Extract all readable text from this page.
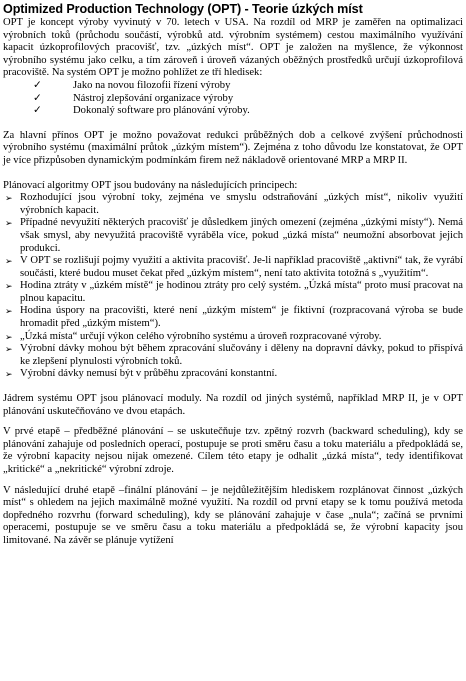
Optimized Production Technology (OPT) - Teorie úzkých míst

OPT je koncept výroby vyvinutý v 70. letech v USA. Na rozdíl od MRP je zaměřen na optimalizaci výrobních toků (průchodu součástí, výrobků atd. výrobním systémem) cestou maximálního využívání kapacit úzkoprofilových pracovišť, tzv. „úzkých míst“. OPT je založen na myšlence, že výkonnost výrobního systému jako celku, a tím zároveň i úroveň vázaných oběžných prostředků určují úzkoprofilová pracoviště. Na systém OPT je možno pohlížet ze tří hledisek:

✓	Jako na novou filozofii řízení výroby
✓	Nástroj zlepšování organizace výroby
✓	Dokonalý software pro plánování výroby.

Za hlavní přínos OPT je možno považovat redukci průběžných dob a celkové zvýšení průchodnosti výrobního systému (maximální průtok „úzkým místem“). Zejména z toho důvodu lze konstatovat, že OPT je více přizpůsoben dynamickým podmínkám firem než nákladově orientované MRP a MRP II.

Plánovací algoritmy OPT jsou budovány na následujících principech:

➢ Rozhodující jsou výrobní toky, zejména ve smyslu odstraňování „úzkých míst“, nikoliv využití výrobních kapacit.
➢ Případné nevyužití některých pracovišť je důsledkem jiných omezení (zejména „úzkými místy“). Nemá však smysl, aby nevyužitá pracoviště vyráběla více, pokud „úzká místa“ neumožní absorbovat jejich produkci.
➢ V OPT se rozlišují pojmy využití a aktivita pracovišť. Je-li například pracoviště „aktivní“ tak, že vyrábí součásti, které budou muset čekat před „úzkým místem“, není tato aktivita totožná s „využitím“.
➢ Hodina ztráty v „úzkém místě“ je hodinou ztráty pro celý systém. „Úzká místa“ proto musí pracovat na plnou kapacitu.
➢ Hodina úspory na pracovišti, které není „úzkým místem“ je fiktivní (rozpracovaná výroba se bude hromadit před „úzkým místem“).
➢ „Úzká místa“ určují výkon celého výrobního systému a úroveň rozpracované výroby.
➢ Výrobní dávky mohou být během zpracování slučovány i děleny na dopravní dávky, pokud to přispívá ke zlepšení plynulosti výrobních toků.
➢ Výrobní dávky nemusí být v průběhu zpracování konstantní.

Jádrem systému OPT jsou plánovací moduly. Na rozdíl od jiných systémů, například MRP II, je v OPT plánování uskutečňováno ve dvou etapách.

V prvé etapě – předběžné plánování – se uskutečňuje tzv. zpětný rozvrh (backward scheduling), kdy se plánování zahajuje od posledních operací, postupuje se proti směru času a toku materiálu a předpokládá se, že výrobní kapacity nejsou nijak omezené. Cílem této etapy je odhalit „úzká místa“, tedy identifikovat „kritické“ a „nekritické“ výrobní zdroje.

V následující druhé etapě –finální plánování – je nejdůležitějším hlediskem rozplánovat činnost „úzkých míst“ s ohledem na jejich maximálně možné využití. Na rozdíl od první etapy se k tomu používá metoda dopředného rozvrhu (forward scheduling), kdy se plánování zahajuje v čase „nula“; začíná se prvními operacemi, postupuje se ve směru času a toku materiálu a předpokládá se, že výrobní kapacity jsou limitované. Na závěr se plánuje vytížení
